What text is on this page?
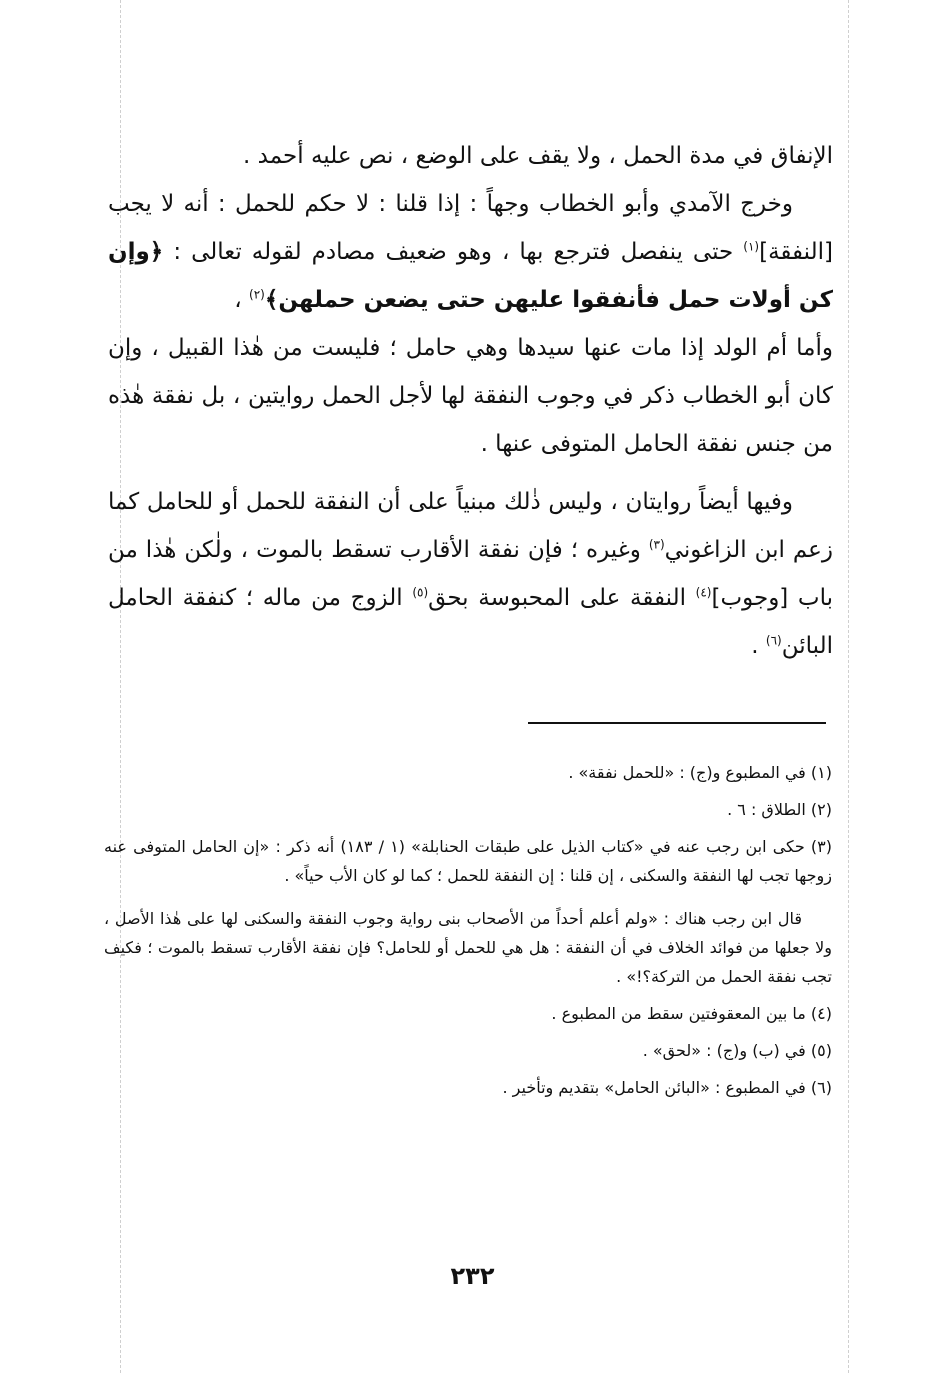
الإنفاق في مدة الحمل ، ولا يقف على الوضع ، نص عليه أحمد .

وخرج الآمدي وأبو الخطاب وجهاً : إذا قلنا : لا حكم للحمل : أنه لا يجب [النفقة]$^{(١)}$ حتى ينفصل فترجع بها ، وهو ضعيف مصادم لقوله تعالى : ﴿وإن كن أولات حمل فأنفقوا عليهن حتى يضعن حملهن﴾$^{(٢)}$ ،

وأما أم الولد إذا مات عنها سيدها وهي حامل ؛ فليست من هٰذا القبيل ، وإن كان أبو الخطاب ذكر في وجوب النفقة لها لأجل الحمل روايتين ، بل نفقة هٰذه من جنس نفقة الحامل المتوفى عنها .

وفيها أيضاً روايتان ، وليس ذٰلك مبنياً على أن النفقة للحمل أو للحامل كما زعم ابن الزاغوني$^{(٣)}$ وغيره ؛ فإن نفقة الأقارب تسقط بالموت ، ولٰكن هٰذا من باب [وجوب]$^{(٤)}$ النفقة على المحبوسة بحق$^{(٥)}$ الزوج من ماله ؛ كنفقة الحامل البائن$^{(٦)}$ .

(١) في المطبوع و(ج) : «للحمل نفقة» .

(٢) الطلاق : ٦ .

(٣) حكى ابن رجب عنه في «كتاب الذيل على طبقات الحنابلة» (١ / ١٨٣) أنه ذكر : «إن الحامل المتوفى عنه زوجها تجب لها النفقة والسكنى ، إن قلنا : إن النفقة للحمل ؛ كما لو كان الأب حياً» .

قال ابن رجب هناك : «ولم أعلم أحداً من الأصحاب بنى رواية وجوب النفقة والسكنى لها على هٰذا الأصل ، ولا جعلها من فوائد الخلاف في أن النفقة : هل هي للحمل أو للحامل؟ فإن نفقة الأقارب تسقط بالموت ؛ فكيف تجب نفقة الحمل من التركة؟!» .

(٤) ما بين المعقوفتين سقط من المطبوع .

(٥) في (ب) و(ج) : «لحق» .

(٦) في المطبوع : «البائن الحامل» بتقديم وتأخير .

٢٣٢
